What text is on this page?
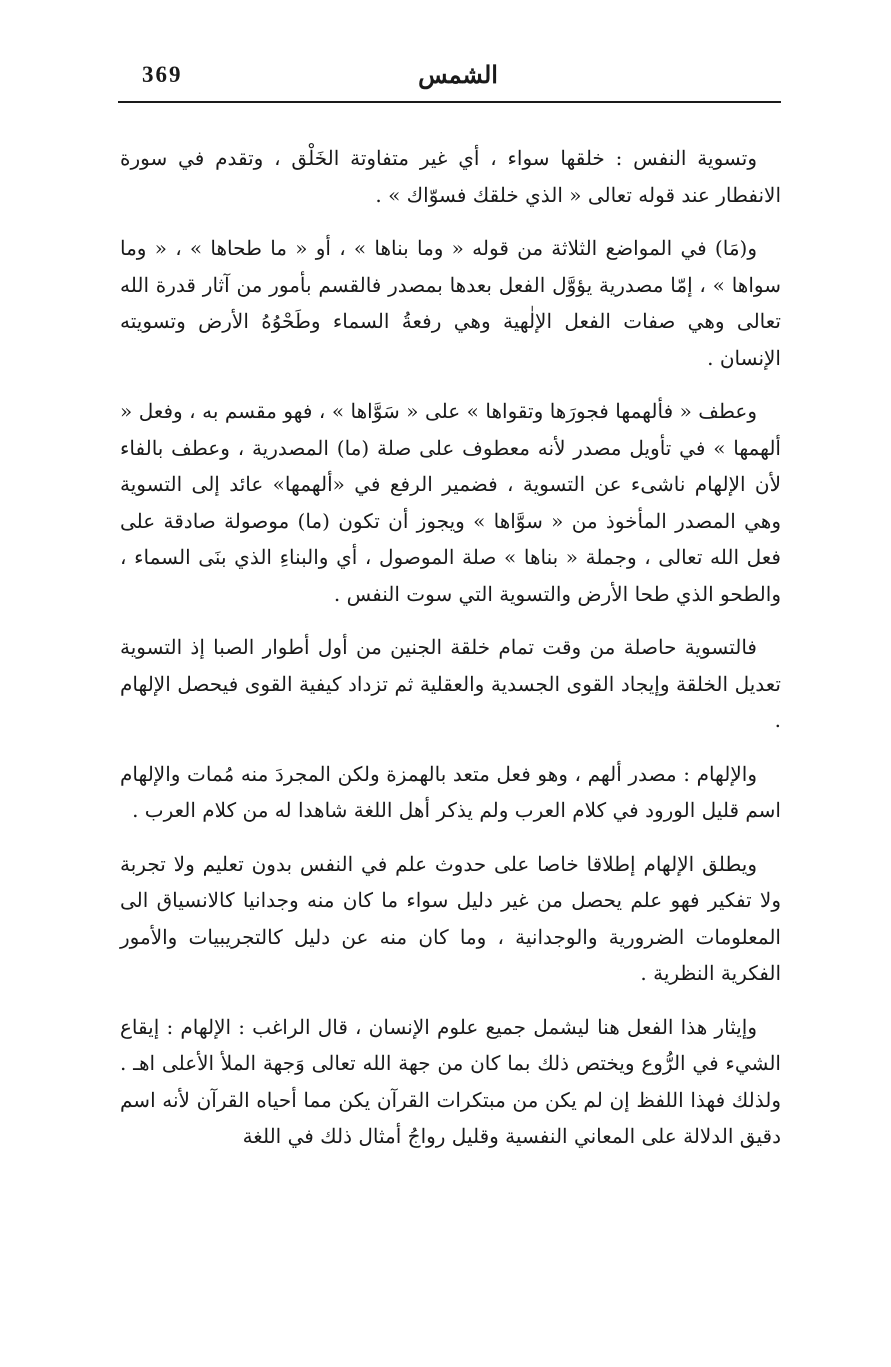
369	الشمس

وتسوية النفس : خلقها سواء ، أي غير متفاوتة الخَلْق ، وتقدم في سورة الانفطار عند قوله تعالى « الذي خلقك فسوّاك » .

و(مَا) في المواضع الثلاثة من قوله « وما بناها » ، أو « ما طحاها » ، « وما سواها » ، إمّا مصدرية يؤوَّل الفعل بعدها بمصدر فالقسم بأمور من آثار قدرة الله تعالى وهي صفات الفعل الإلٰهية وهي رفعةُ السماء وطَحْوُهُ الأرض وتسويته الإنسان .

وعطف « فألهمها فجورَها وتقواها » على « سَوَّاها » ، فهو مقسم به ، وفعل « ألهمها » في تأويل مصدر لأنه معطوف على صلة (ما) المصدرية ، وعطف بالفاء لأن الإلهام ناشىء عن التسوية ، فضمير الرفع في «ألهمها» عائد إلى التسوية وهي المصدر المأخوذ من « سوَّاها » ويجوز أن تكون (ما) موصولة صادقة على فعل الله تعالى ، وجملة « بناها » صلة الموصول ، أي والبناءِ الذي بنَى السماء ، والطحو الذي طحا الأرض والتسوية التي سوت النفس .

فالتسوية حاصلة من وقت تمام خلقة الجنين من أول أطوار الصبا إذ التسوية تعديل الخلقة وإيجاد القوى الجسدية والعقلية ثم تزداد كيفية القوى فيحصل الإلهام .

والإلهام : مصدر ألهم ، وهو فعل متعد بالهمزة ولكن المجردَ منه مُمات والإلهام اسم قليل الورود في كلام العرب ولم يذكر أهل اللغة شاهدا له من كلام العرب .

ويطلق الإلهام إطلاقا خاصا على حدوث علم في النفس بدون تعليم ولا تجربة ولا تفكير فهو علم يحصل من غير دليل سواء ما كان منه وجدانيا كالانسياق الى المعلومات الضرورية والوجدانية ، وما كان منه عن دليل كالتجريبيات والأمور الفكرية النظرية .

وإيثار هذا الفعل هنا ليشمل جميع علوم الإنسان ، قال الراغب : الإلهام : إيقاع الشيء في الرُّوع ويختص ذلك بما كان من جهة الله تعالى وَجهة الملأ الأعلى اهـ . ولذلك فهذا اللفظ إن لم يكن من مبتكرات القرآن يكن مما أحياه القرآن لأنه اسم دقيق الدلالة على المعاني النفسية وقليل رواجُ أمثال ذلك في اللغة
